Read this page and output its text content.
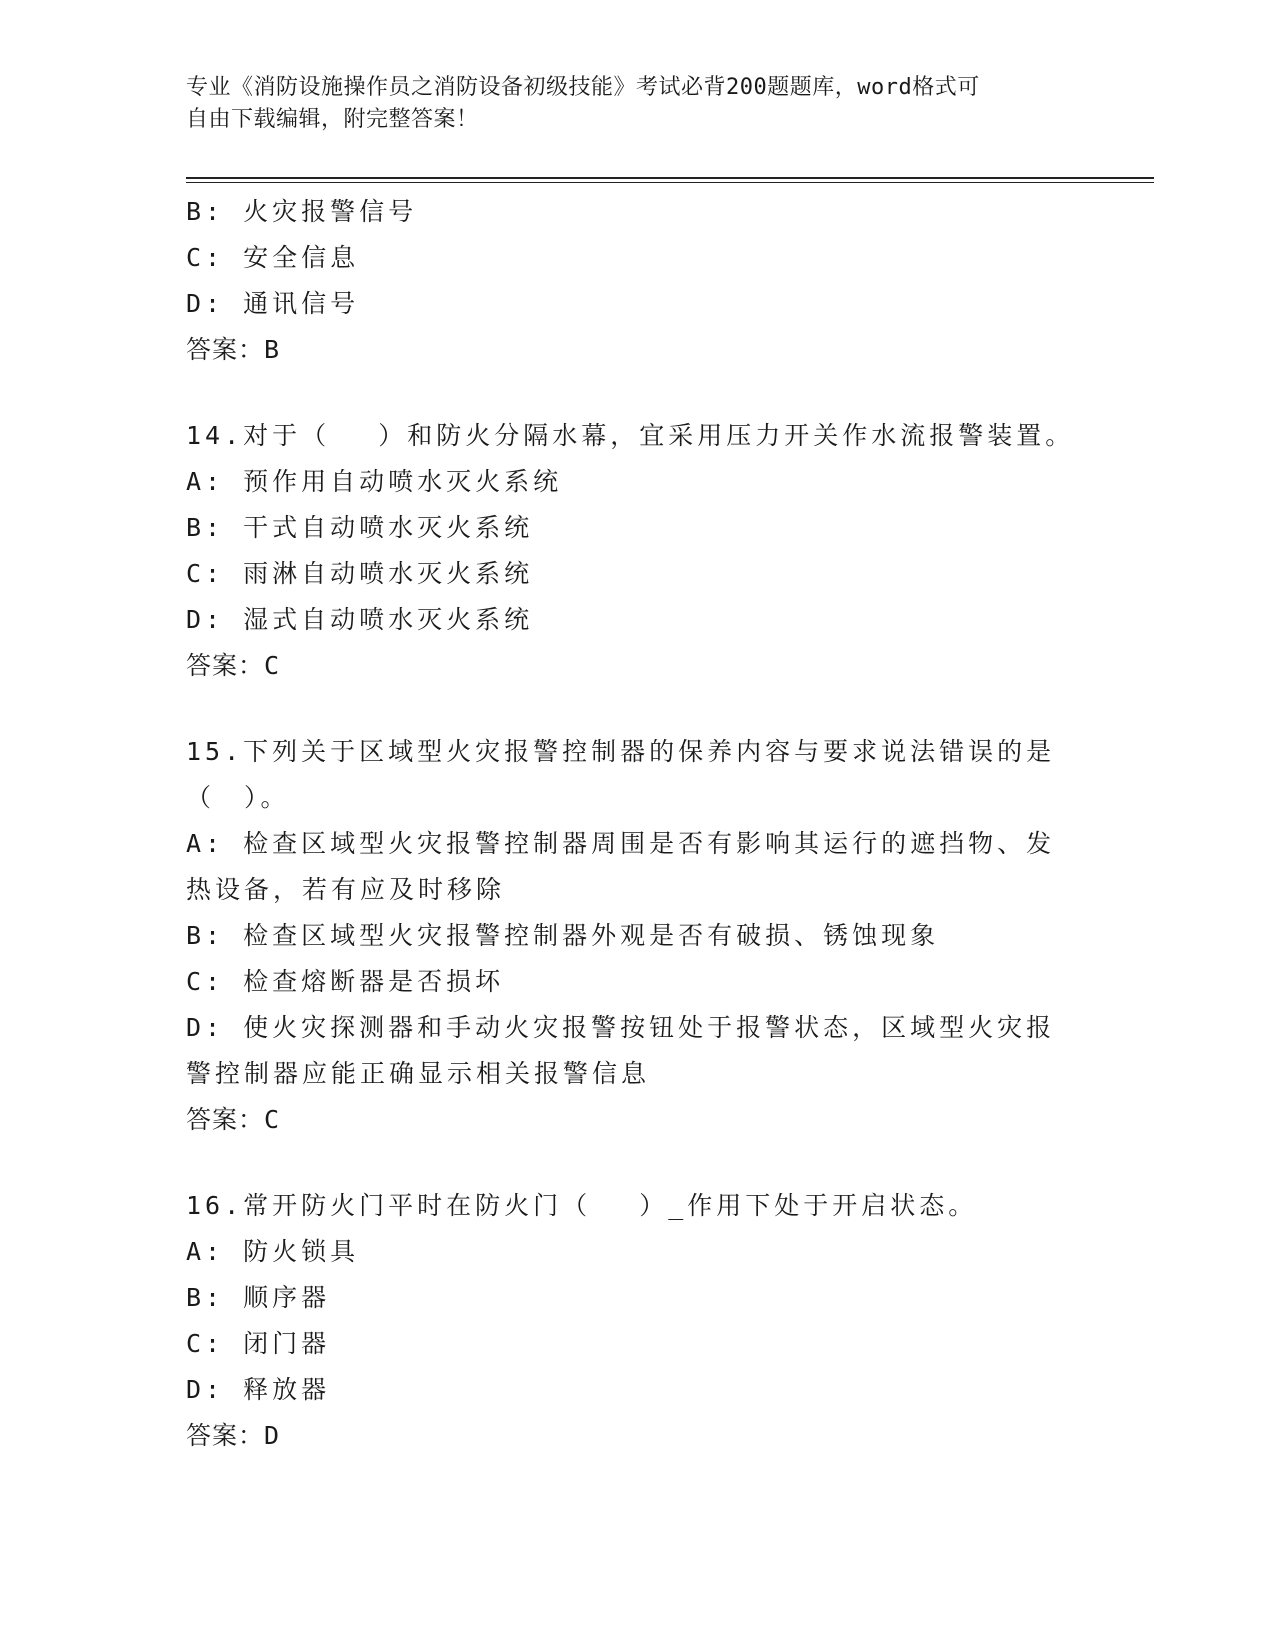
专业《消防设施操作员之消防设备初级技能》考试必背200题题库，word格式可
自由下载编辑，附完整答案！
B: 火灾报警信号
C: 安全信息
D: 通讯信号
答案：B
14.对于（　 ）和防火分隔水幕，宜采用压力开关作水流报警装置。
A: 预作用自动喷水灭火系统
B: 干式自动喷水灭火系统
C: 雨淋自动喷水灭火系统
D: 湿式自动喷水灭火系统
答案：C
15.下列关于区域型火灾报警控制器的保养内容与要求说法错误的是（　）。
A: 检查区域型火灾报警控制器周围是否有影响其运行的遮挡物、发热设备，若有应及时移除
B: 检查区域型火灾报警控制器外观是否有破损、锈蚀现象
C: 检查熔断器是否损坏
D: 使火灾探测器和手动火灾报警按钮处于报警状态，区域型火灾报警控制器应能正确显示相关报警信息
答案：C
16.常开防火门平时在防火门（　 ）_作用下处于开启状态。
A: 防火锁具
B: 顺序器
C: 闭门器
D: 释放器
答案：D
